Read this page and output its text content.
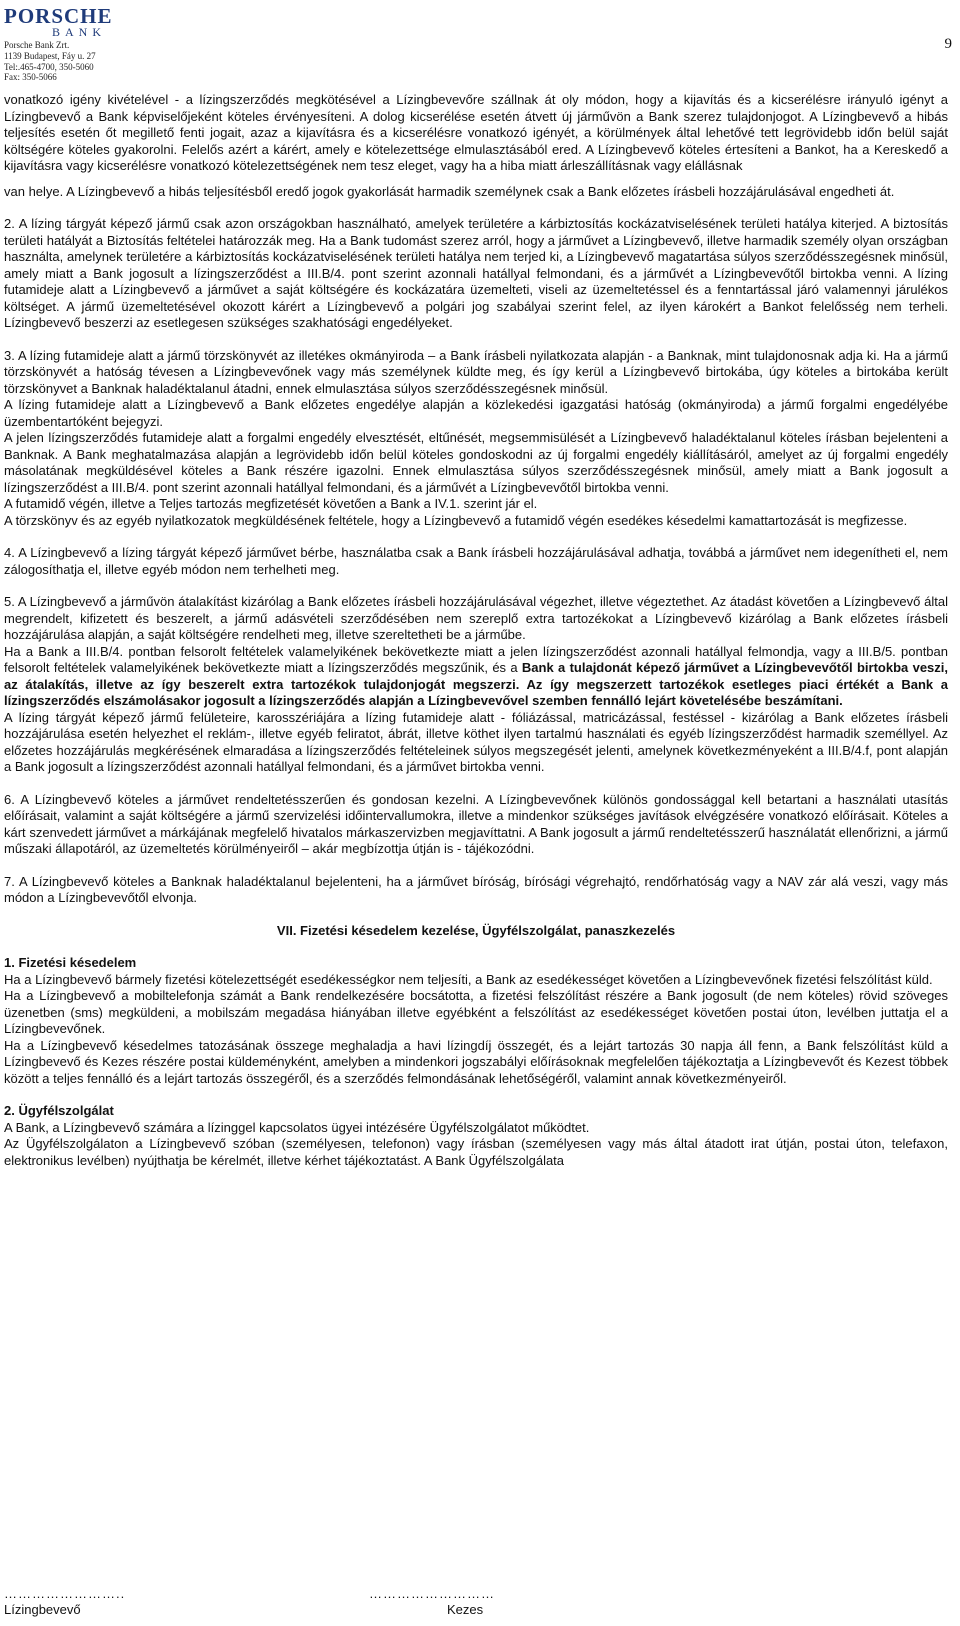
PORSCHE
BANK
Porsche Bank Zrt.
1139 Budapest, Fáy u. 27
Tel:.465-4700, 350-5060
Fax: 350-5066
9

vonatkozó igény kivételével - a lízingszerződés megkötésével a Lízingbevevőre szállnak át oly módon, hogy a kijavítás és a kicserélésre irányuló igényt a Lízingbevevő a Bank képviselőjeként köteles érvényesíteni. A dolog kicserélése esetén átvett új járművön a Bank szerez tulajdonjogot. A Lízingbevevő a hibás teljesítés esetén őt megillető fenti jogait, azaz a kijavításra és a kicserélésre vonatkozó igényét, a körülmények által lehetővé tett legrövidebb időn belül saját költségére köteles gyakorolni. Felelős azért a kárért, amely e kötelezettsége elmulasztásából ered. A Lízingbevevő köteles értesíteni a Bankot, ha a Kereskedő a kijavításra vagy kicserélésre vonatkozó kötelezettségének nem tesz eleget, vagy ha a hiba miatt árleszállításnak vagy elállásnak

van helye. A Lízingbevevő a hibás teljesítésből eredő jogok gyakorlását harmadik személynek csak a Bank előzetes írásbeli hozzájárulásával engedheti át.

2. A lízing tárgyát képező jármű csak azon országokban használható, amelyek területére a kárbiztosítás kockázatviselésének területi hatálya kiterjed. A biztosítás területi hatályát a Biztosítás feltételei határozzák meg. Ha a Bank tudomást szerez arról, hogy a járművet a Lízingbevevő, illetve harmadik személy olyan országban használta, amelynek területére a kárbiztosítás kockázatviselésének területi hatálya nem terjed ki, a Lízingbevevő magatartása súlyos szerződésszegésnek minősül, amely miatt a Bank jogosult a lízingszerződést a III.B/4. pont szerint azonnali hatállyal felmondani, és a járművét a Lízingbevevőtől birtokba venni. A lízing futamideje alatt a Lízingbevevő a járművet a saját költségére és kockázatára üzemelteti, viseli az üzemeltetéssel és a fenntartással járó valamennyi járulékos költséget. A jármű üzemeltetésével okozott kárért a Lízingbevevő a polgári jog szabályai szerint felel, az ilyen károkért a Bankot felelősség nem terheli. Lízingbevevő beszerzi az esetlegesen szükséges szakhatósági engedélyeket.

3. A lízing futamideje alatt a jármű törzskönyvét az illetékes okmányiroda – a Bank írásbeli nyilatkozata alapján - a Banknak, mint tulajdonosnak adja ki. Ha a jármű törzskönyvét a hatóság tévesen a Lízingbevevőnek vagy más személynek küldte meg, és így kerül a Lízingbevevő birtokába, úgy köteles a birtokába került törzskönyvet a Banknak haladéktalanul átadni, ennek elmulasztása súlyos szerződésszegésnek minősül.

A lízing futamideje alatt a Lízingbevevő a Bank előzetes engedélye alapján a közlekedési igazgatási hatóság (okmányiroda) a jármű forgalmi engedélyébe üzembentartóként bejegyzi.

A jelen lízingszerződés futamideje alatt a forgalmi engedély elvesztését, eltűnését, megsemmisülését a Lízingbevevő haladéktalanul köteles írásban bejelenteni a Banknak. A Bank meghatalmazása alapján a legrövidebb időn belül köteles gondoskodni az új forgalmi engedély kiállításáról, amelyet az új forgalmi engedély másolatának megküldésével köteles a Bank részére igazolni. Ennek elmulasztása súlyos szerződésszegésnek minősül, amely miatt a Bank jogosult a lízingszerződést a III.B/4. pont szerint azonnali hatállyal felmondani, és a járművét a Lízingbevevőtől birtokba venni.

A futamidő végén, illetve a Teljes tartozás megfizetését követően a Bank a IV.1. szerint jár el.

A törzskönyv és az egyéb nyilatkozatok megküldésének feltétele, hogy a Lízingbevevő a futamidő végén esedékes késedelmi kamattartozását is megfizesse.

4. A Lízingbevevő a lízing tárgyát képező járművet bérbe, használatba csak a Bank írásbeli hozzájárulásával adhatja, továbbá a járművet nem idegenítheti el, nem zálogosíthatja el, illetve egyéb módon nem terhelheti meg.

5. A Lízingbevevő a járművön átalakítást kizárólag a Bank előzetes írásbeli hozzájárulásával végezhet, illetve végeztethet. Az átadást követően a Lízingbevevő által megrendelt, kifizetett és beszerelt, a jármű adásvételi szerződésében nem szereplő extra tartozékokat a Lízingbevevő kizárólag a Bank előzetes írásbeli hozzájárulása alapján, a saját költségére rendelheti meg, illetve szereltetheti be a járműbe.

Ha a Bank a III.B/4. pontban felsorolt feltételek valamelyikének bekövetkezte miatt a jelen lízingszerződést azonnali hatállyal felmondja, vagy a III.B/5. pontban felsorolt feltételek valamelyikének bekövetkezte miatt a lízingszerződés megszűnik, és a Bank a tulajdonát képező járművet a Lízingbevevőtől birtokba veszi, az átalakítás, illetve az így beszerelt extra tartozékok tulajdonjogát megszerzi. Az így megszerzett tartozékok esetleges piaci értékét a Bank a lízingszerződés elszámolásakor jogosult a lízingszerződés alapján a Lízingbevevővel szemben fennálló lejárt követelésébe beszámítani.

A lízing tárgyát képező jármű felületeire, karosszériájára a lízing futamideje alatt - fóliázással, matricázással, festéssel - kizárólag a Bank előzetes írásbeli hozzájárulása esetén helyezhet el reklám-, illetve egyéb feliratot, ábrát, illetve köthet ilyen tartalmú használati és egyéb lízingszerződést harmadik személlyel. Az előzetes hozzájárulás megkérésének elmaradása a lízingszerződés feltételeinek súlyos megszegését jelenti, amelynek következményeként a III.B/4.f, pont alapján a Bank jogosult a lízingszerződést azonnali hatállyal felmondani, és a járművet birtokba venni.

6. A Lízingbevevő köteles a járművet rendeltetésszerűen és gondosan kezelni. A Lízingbevevőnek különös gondossággal kell betartani a használati utasítás előírásait, valamint a saját költségére a jármű szervizelési időintervallumokra, illetve a mindenkor szükséges javítások elvégzésére vonatkozó előírásait. Köteles a kárt szenvedett járművet a márkájának megfelelő hivatalos márkaszervizben megjavíttatni. A Bank jogosult a jármű rendeltetésszerű használatát ellenőrizni, a jármű műszaki állapotáról, az üzemeltetés körülményeiről – akár megbízottja útján is - tájékozódni.

7. A Lízingbevevő köteles a Banknak haladéktalanul bejelenteni, ha a járművet bíróság, bírósági végrehajtó, rendőrhatóság vagy a NAV zár alá veszi, vagy más módon a Lízingbevevőtől elvonja.

VII. Fizetési késedelem kezelése, Ügyfélszolgálat, panaszkezelés

1. Fizetési késedelem

Ha a Lízingbevevő bármely fizetési kötelezettségét esedékességkor nem teljesíti, a Bank az esedékességet követően a Lízingbevevőnek fizetési felszólítást küld.

Ha a Lízingbevevő a mobiltelefonja számát a Bank rendelkezésére bocsátotta, a fizetési felszólítást részére a Bank jogosult (de nem köteles) rövid szöveges üzenetben (sms) megküldeni, a mobilszám megadása hiányában illetve egyébként a felszólítást az esedékességet követően postai úton, levélben juttatja el a Lízingbevevőnek.

Ha a Lízingbevevő késedelmes tatozásának összege meghaladja a havi lízingdíj összegét, és a lejárt tartozás 30 napja áll fenn, a Bank felszólítást küld a Lízingbevevő és Kezes részére postai küldeményként, amelyben a mindenkori jogszabályi előírásoknak megfelelően tájékoztatja a Lízingbevevőt és Kezest többek között a teljes fennálló és a lejárt tartozás összegéről, és a szerződés felmondásának lehetőségéről, valamint annak következményeiről.

2. Ügyfélszolgálat

A Bank, a Lízingbevevő számára a lízinggel kapcsolatos ügyei intézésére Ügyfélszolgálatot működtet.

Az Ügyfélszolgálaton a Lízingbevevő szóban (személyesen, telefonon) vagy írásban (személyesen vagy más által átadott irat útján, postai úton, telefaxon, elektronikus levélben) nyújthatja be kérelmét, illetve kérhet tájékoztatást. A Bank Ügyfélszolgálata

……………………..
Lízingbevevő
………………………
Kezes
